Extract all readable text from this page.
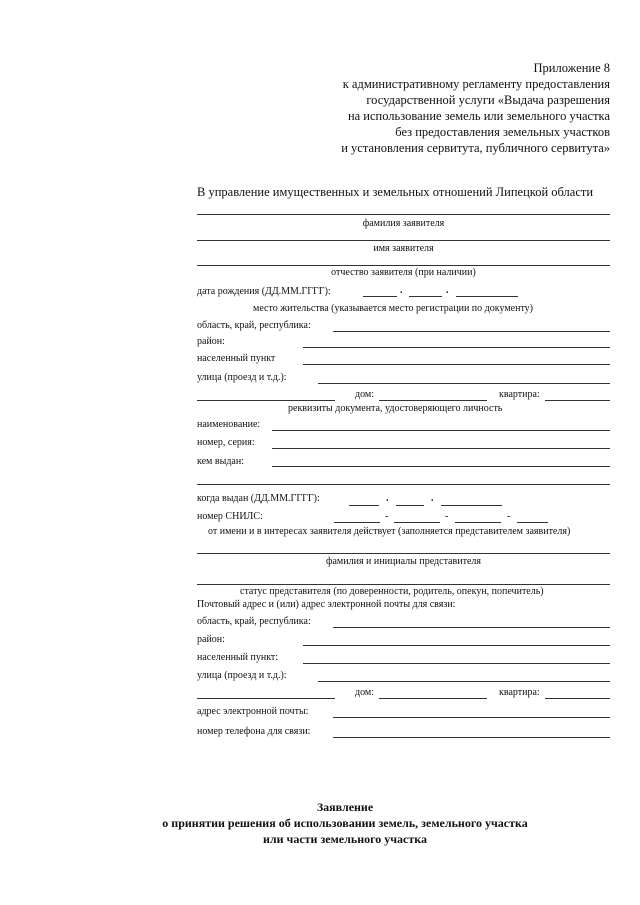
Приложение 8
к административному регламенту предоставления
государственной услуги «Выдача разрешения
на использование земель или земельного участка
без предоставления земельных участков
и установления сервитута, публичного сервитута»
В управление имущественных и земельных отношений Липецкой области
фамилия заявителя
имя заявителя
отчество заявителя (при наличии)
дата рождения (ДД.ММ.ГГГГ):	.	.
место жительства (указывается место регистрации по документу)
область, край, республика:
район:
населенный пункт
улица (проезд и т.д.):
дом:	квартира:
реквизиты документа, удостоверяющего личность
наименование:
номер, серия:
кем выдан:
когда выдан (ДД.ММ.ГГГГ):	.	.
номер СНИЛС:	-	-	-
от имени и в интересах заявителя действует (заполняется представителем заявителя)
фамилия и инициалы представителя
статус представителя (по доверенности, родитель, опекун, попечитель)
Почтовый адрес и (или) адрес электронной почты для связи:
область, край, республика:
район:
населенный пункт:
улица (проезд и т.д.):
дом:	квартира:
адрес электронной почты:
номер телефона для связи:
Заявление
о принятии решения об использовании земель, земельного участка
или части земельного участка
